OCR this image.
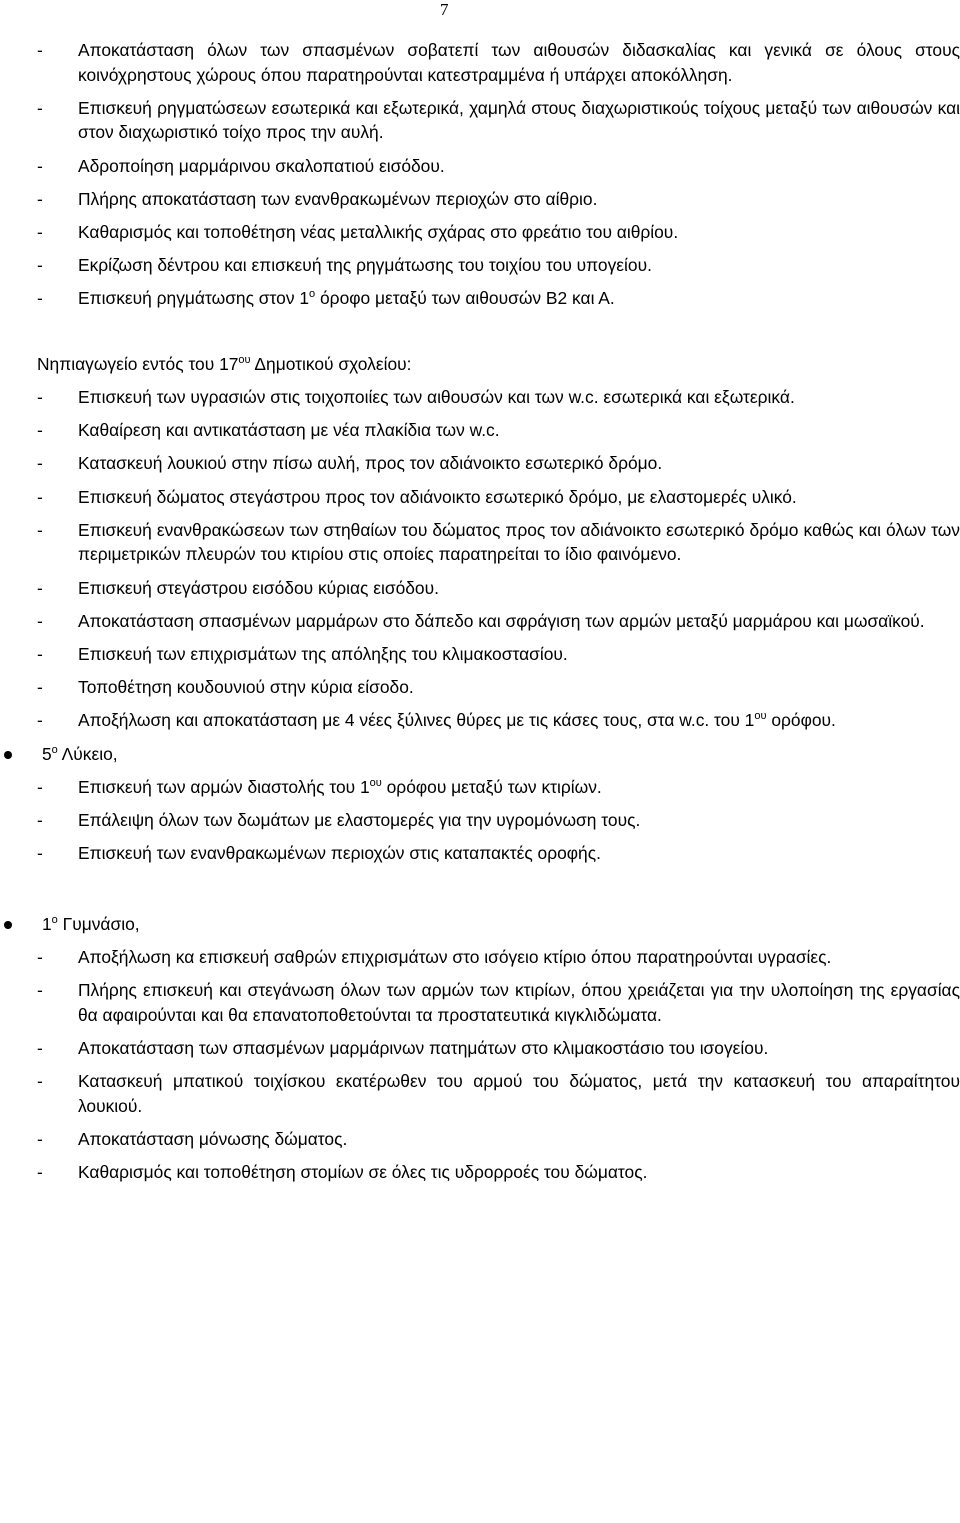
7
- Αποκατάσταση όλων των σπασμένων σοβατεπί των αιθουσών διδασκαλίας και γενικά σε όλους στους κοινόχρηστους χώρους όπου παρατηρούνται κατεστραμμένα ή υπάρχει αποκόλληση.
- Επισκευή ρηγματώσεων εσωτερικά και εξωτερικά, χαμηλά στους διαχωριστικούς τοίχους μεταξύ των αιθουσών και στον διαχωριστικό τοίχο προς την αυλή.
- Αδροποίηση μαρμάρινου σκαλοπατιού εισόδου.
- Πλήρης αποκατάσταση των ενανθρακωμένων περιοχών στο αίθριο.
- Καθαρισμός και τοποθέτηση νέας μεταλλικής σχάρας στο φρεάτιο του αιθρίου.
- Εκρίζωση δέντρου και επισκευή της ρηγμάτωσης του τοιχίου του υπογείου.
- Επισκευή ρηγμάτωσης στον $1^o$ όροφο μεταξύ των αιθουσών Β2 και Α.
Νηπιαγωγείο εντός του $17^{o\upsilon}$ Δημοτικού σχολείου:
- Επισκευή των υγρασιών στις τοιχοποιίες των αιθουσών και των w.c. εσωτερικά και εξωτερικά.
- Καθαίρεση και αντικατάσταση με νέα πλακίδια των w.c.
- Κατασκευή λουκιού στην πίσω αυλή, προς τον αδιάνοικτο εσωτερικό δρόμο.
- Επισκευή δώματος στεγάστρου προς τον αδιάνοικτο εσωτερικό δρόμο, με ελαστομερές υλικό.
- Επισκευή ενανθρακώσεων των στηθαίων του δώματος προς τον αδιάνοικτο εσωτερικό δρόμο καθώς και όλων των περιμετρικών πλευρών του κτιρίου στις οποίες παρατηρείται το ίδιο φαινόμενο.
- Επισκευή στεγάστρου εισόδου κύριας εισόδου.
- Αποκατάσταση σπασμένων μαρμάρων στο δάπεδο και σφράγιση των αρμών μεταξύ μαρμάρου και μωσαϊκού.
- Επισκευή των επιχρισμάτων της απόληξης του κλιμακοστασίου.
- Τοποθέτηση κουδουνιού στην κύρια είσοδο.
- Αποξήλωση και αποκατάσταση με 4 νέες ξύλινες θύρες με τις κάσες τους, στα w.c. του $1^{o\upsilon}$ ορόφου.
$5^o$ Λύκειο,
- Επισκευή των αρμών διαστολής του $1^{o\upsilon}$ ορόφου μεταξύ των κτιρίων.
- Επάλειψη όλων των δωμάτων με ελαστομερές για την υγρομόνωση τους.
- Επισκευή των ενανθρακωμένων περιοχών στις καταπακτές οροφής.
$1^o$ Γυμνάσιο,
- Αποξήλωση κα επισκευή σαθρών επιχρισμάτων στο ισόγειο κτίριο όπου παρατηρούνται υγρασίες.
- Πλήρης επισκευή και στεγάνωση όλων των αρμών των κτιρίων, όπου χρειάζεται για την υλοποίηση της εργασίας θα αφαιρούνται και θα επανατοποθετούνται τα προστατευτικά κιγκλιδώματα.
- Αποκατάσταση των σπασμένων μαρμάρινων πατημάτων στο κλιμακοστάσιο του ισογείου.
- Κατασκευή μπατικού τοιχίσκου εκατέρωθεν του αρμού του δώματος, μετά την κατασκευή του απαραίτητου λουκιού.
- Αποκατάσταση μόνωσης δώματος.
- Καθαρισμός και τοποθέτηση στομίων σε όλες τις υδρορροές του δώματος.
